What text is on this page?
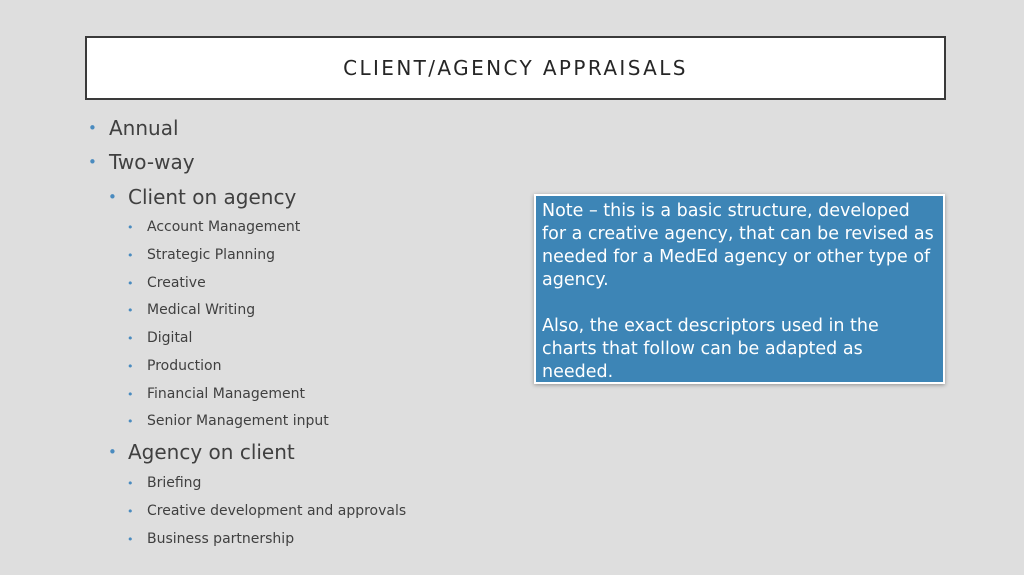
CLIENT/AGENCY APPRAISALS
• Annual
• Two-way
• Client on agency
• Account Management
• Strategic Planning
• Creative
• Medical Writing
• Digital
• Production
• Financial Management
• Senior Management input
• Agency on client
• Briefing
• Creative development and approvals
• Business partnership

Note – this is a basic structure, developed for a creative agency, that can be revised as needed for a MedEd agency or other type of agency.

Also, the exact descriptors used in the charts that follow can be adapted as needed.
